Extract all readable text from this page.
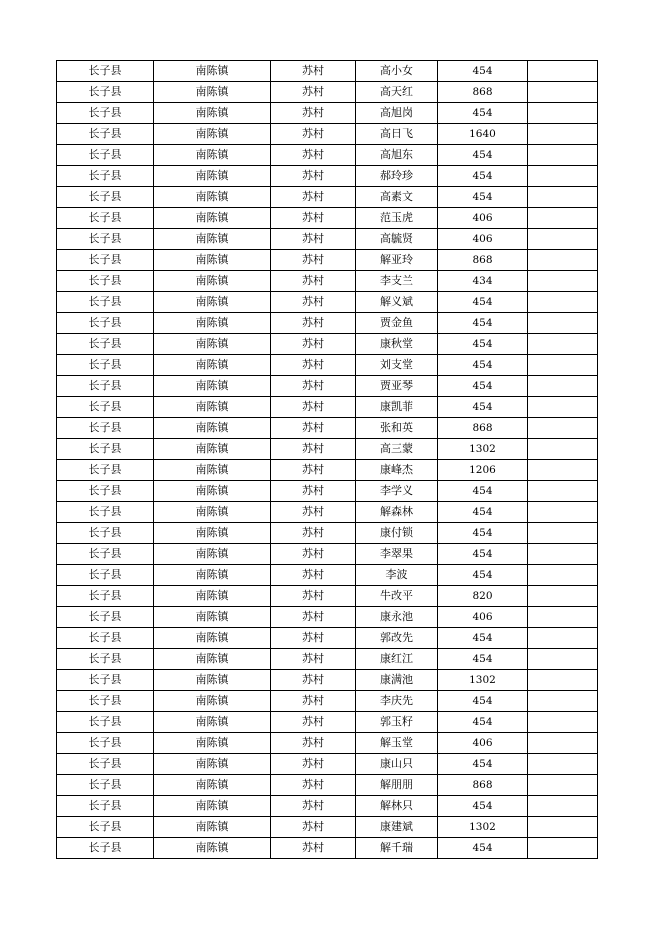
长子县	南陈镇	苏村	高小女	454	
长子县	南陈镇	苏村	高天红	868	
长子县	南陈镇	苏村	高旭岗	454	
长子县	南陈镇	苏村	高日飞	1640	
长子县	南陈镇	苏村	高旭东	454	
长子县	南陈镇	苏村	郝玲珍	454	
长子县	南陈镇	苏村	高素文	454	
长子县	南陈镇	苏村	范玉虎	406	
长子县	南陈镇	苏村	高毓贤	406	
长子县	南陈镇	苏村	解亚玲	868	
长子县	南陈镇	苏村	李支兰	434	
长子县	南陈镇	苏村	解义斌	454	
长子县	南陈镇	苏村	贾金鱼	454	
长子县	南陈镇	苏村	康秋堂	454	
长子县	南陈镇	苏村	刘支堂	454	
长子县	南陈镇	苏村	贾亚琴	454	
长子县	南陈镇	苏村	康凯菲	454	
长子县	南陈镇	苏村	张和英	868	
长子县	南陈镇	苏村	高三蒙	1302	
长子县	南陈镇	苏村	康峰杰	1206	
长子县	南陈镇	苏村	李学义	454	
长子县	南陈镇	苏村	解森林	454	
长子县	南陈镇	苏村	康付锁	454	
长子县	南陈镇	苏村	李翠果	454	
长子县	南陈镇	苏村	李波	454	
长子县	南陈镇	苏村	牛改平	820	
长子县	南陈镇	苏村	康永池	406	
长子县	南陈镇	苏村	郭改先	454	
长子县	南陈镇	苏村	康红江	454	
长子县	南陈镇	苏村	康满池	1302	
长子县	南陈镇	苏村	李庆先	454	
长子县	南陈镇	苏村	郭玉籽	454	
长子县	南陈镇	苏村	解玉堂	406	
长子县	南陈镇	苏村	康山只	454	
长子县	南陈镇	苏村	解朋朋	868	
长子县	南陈镇	苏村	解林只	454	
长子县	南陈镇	苏村	康建斌	1302	
长子县	南陈镇	苏村	解千瑞	454	
